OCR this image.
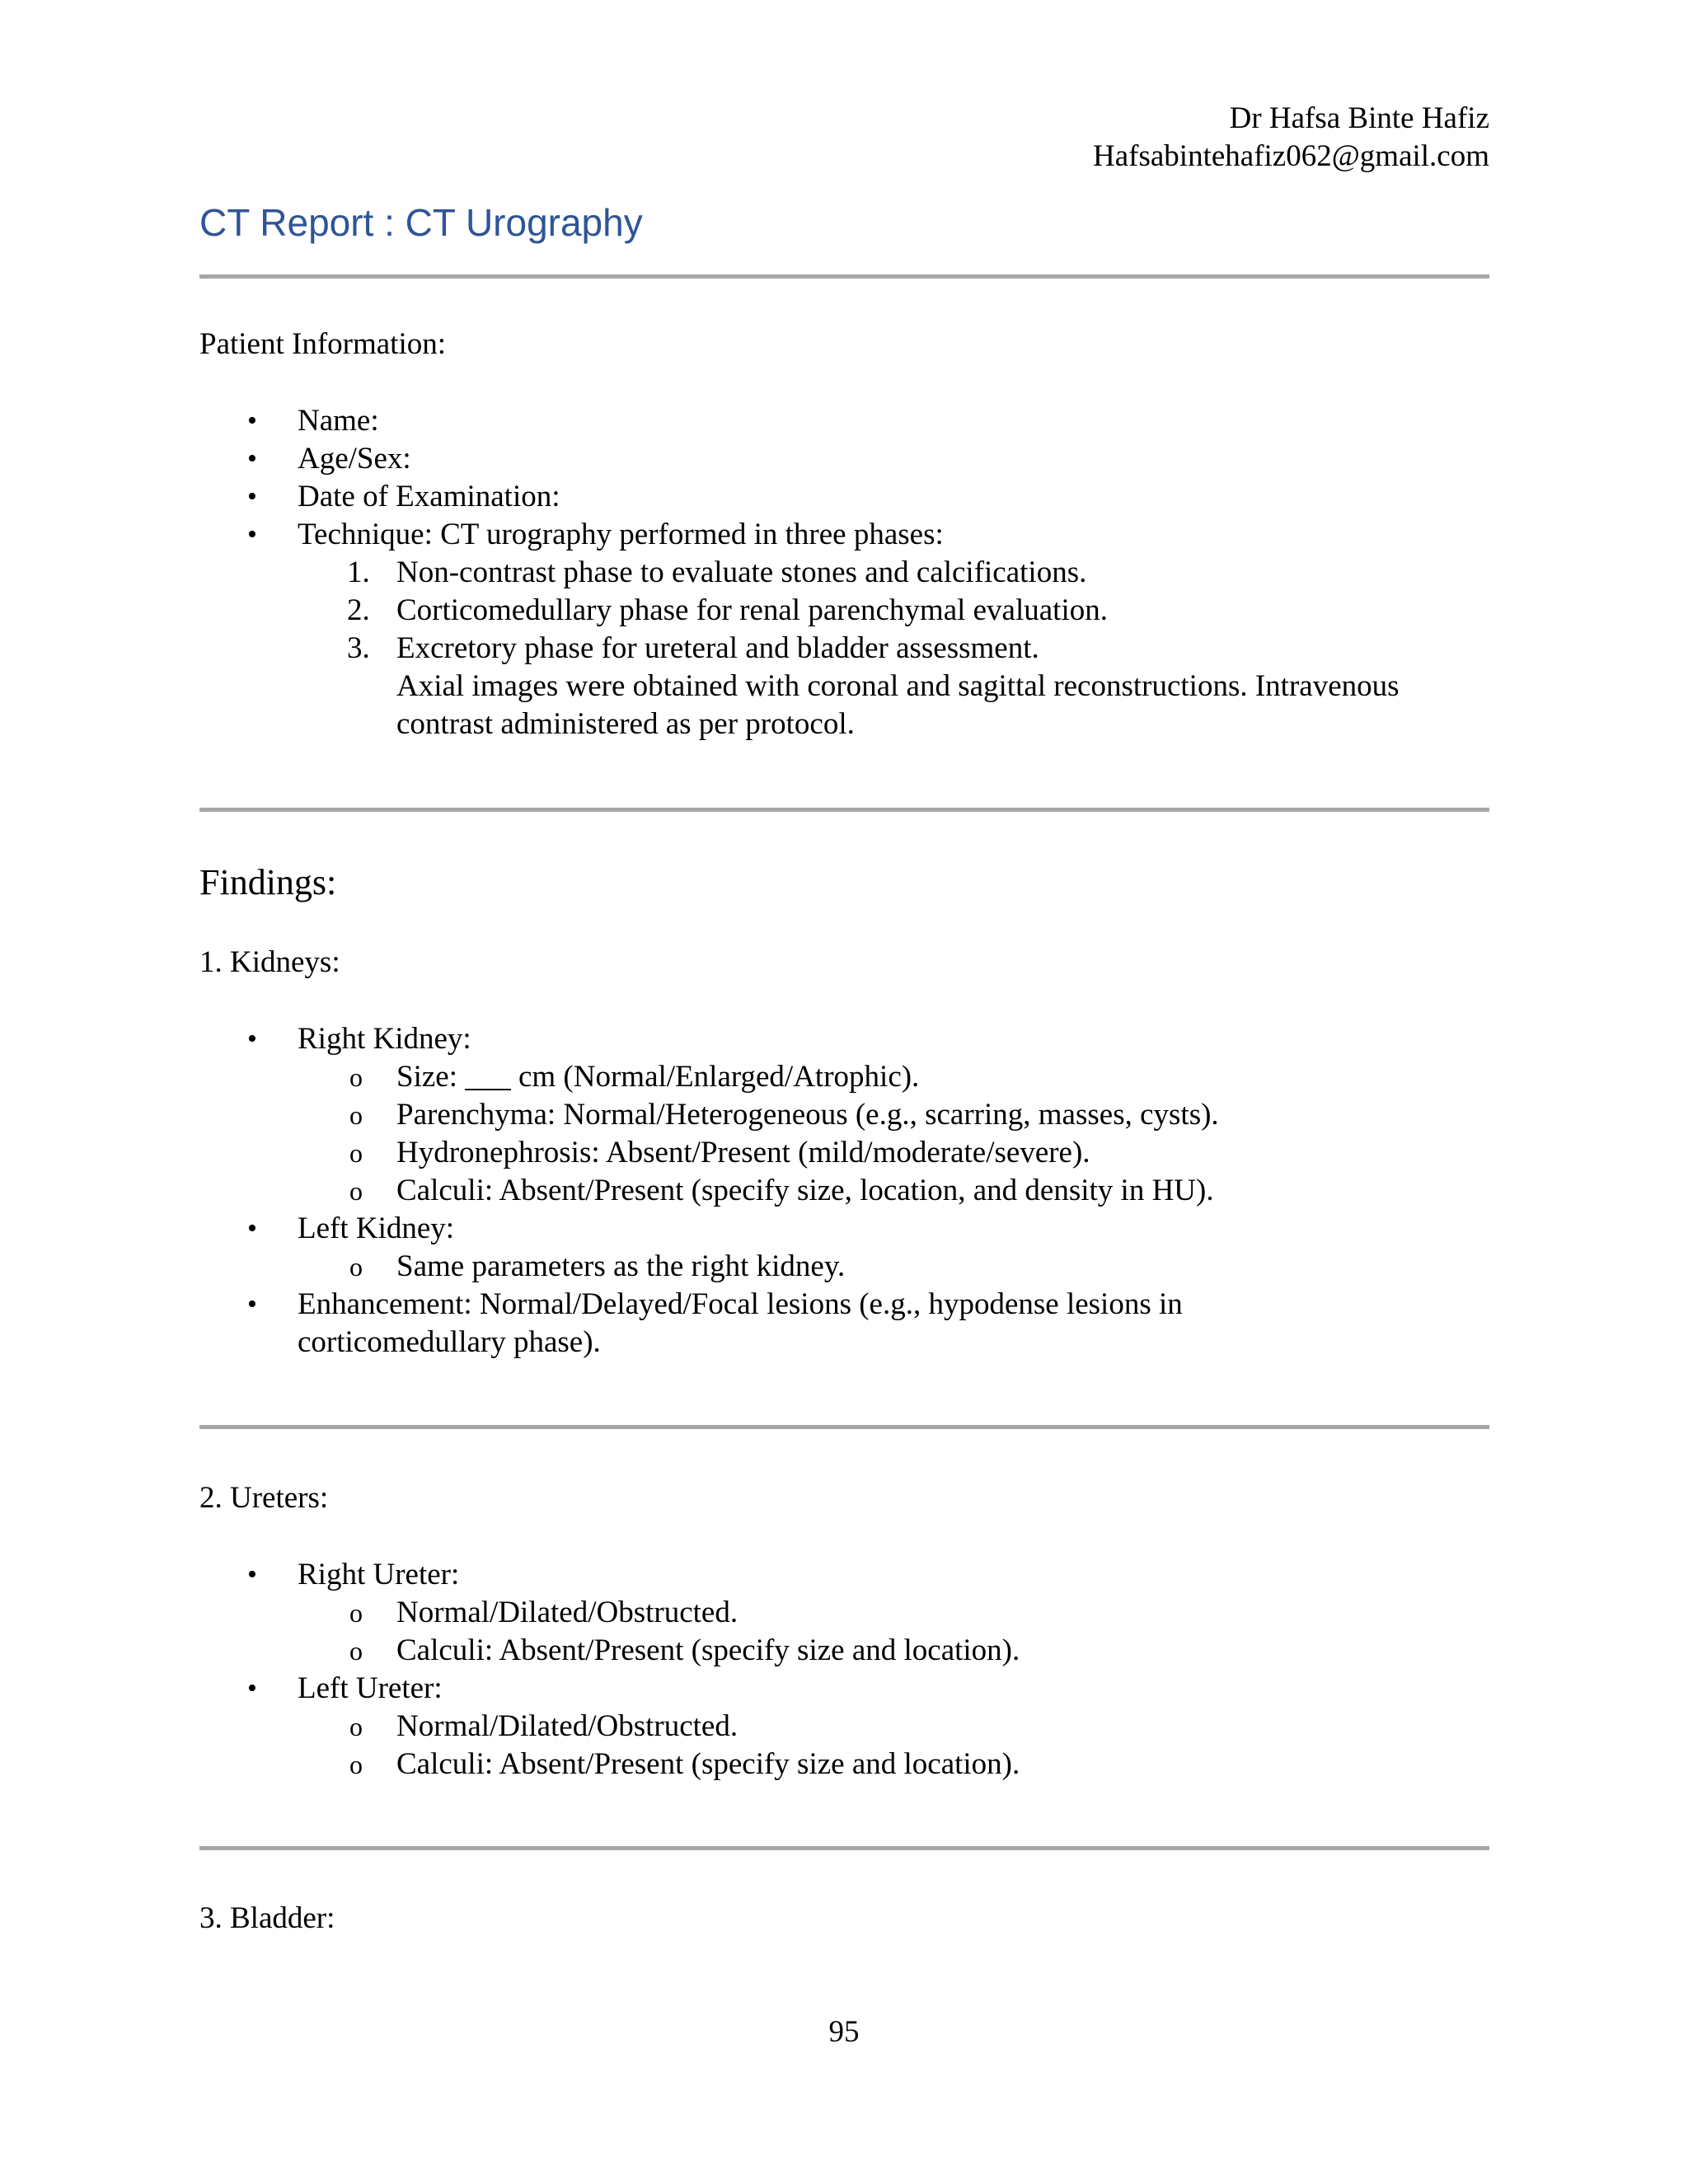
Dr Hafsa Binte Hafiz
Hafsabintehafiz062@gmail.com
CT Report : CT Urography
Patient Information:
• Name:
• Age/Sex:
• Date of Examination:
• Technique: CT urography performed in three phases:
1. Non-contrast phase to evaluate stones and calcifications.
2. Corticomedullary phase for renal parenchymal evaluation.
3. Excretory phase for ureteral and bladder assessment.
Axial images were obtained with coronal and sagittal reconstructions. Intravenous
contrast administered as per protocol.
Findings:
1. Kidneys:
• Right Kidney:
o Size: ___ cm (Normal/Enlarged/Atrophic).
o Parenchyma: Normal/Heterogeneous (e.g., scarring, masses, cysts).
o Hydronephrosis: Absent/Present (mild/moderate/severe).
o Calculi: Absent/Present (specify size, location, and density in HU).
• Left Kidney:
o Same parameters as the right kidney.
• Enhancement: Normal/Delayed/Focal lesions (e.g., hypodense lesions in
corticomedullary phase).
2. Ureters:
• Right Ureter:
o Normal/Dilated/Obstructed.
o Calculi: Absent/Present (specify size and location).
• Left Ureter:
o Normal/Dilated/Obstructed.
o Calculi: Absent/Present (specify size and location).
3. Bladder:
95
